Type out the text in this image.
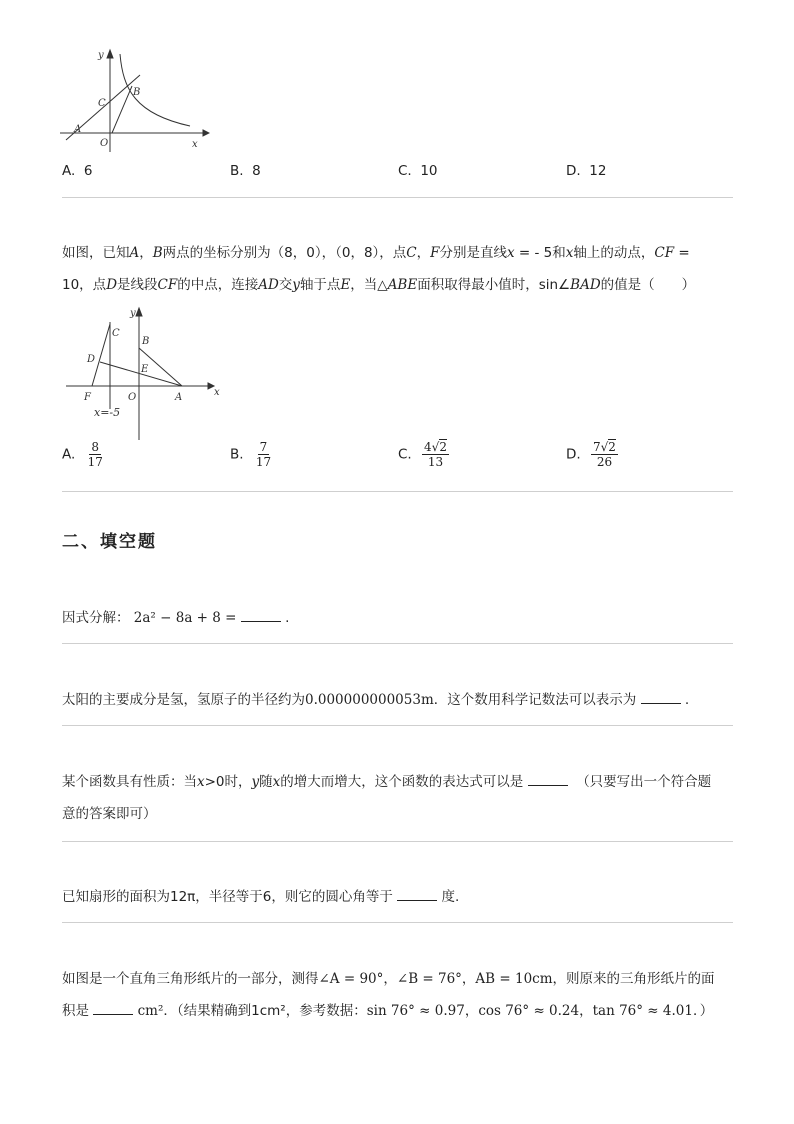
y
x
C
B
A
O
A. 6	B. 8	C. 10	D. 12
如图，已知A，B两点的坐标分别为（8，0），（0，8），点C，F分别是直线x = - 5和x轴上的动点，CF =
10，点D是线段CF的中点，连接AD交y轴于点E，当△ABE面积取得最小值时，sin∠BAD的值是（　　）
y
C
B
D
E
F	O	A	x
x=-5
A. $\frac{8}{17}$	B. $\frac{7}{17}$	C. $\frac{4√2}{13}$	D. $\frac{7√2}{26}$
二、填空题
因式分解： 2a² − 8a + 8 =	.
太阳的主要成分是氢，氢原子的半径约为0.000000000053m．这个数用科学记数法可以表示为	.
某个函数具有性质：当x>0时，y随x的增大而增大，这个函数的表达式可以是	（只要写出一个符合题
意的答案即可）
已知扇形的面积为12π，半径等于6，则它的圆心角等于	度.
如图是一个直角三角形纸片的一部分，测得∠A = 90°，∠B = 76°，AB = 10cm，则原来的三角形纸片的面
积是	cm²．（结果精确到1cm²，参考数据：sin 76° ≈ 0.97，cos 76° ≈ 0.24，tan 76° ≈ 4.01．）
